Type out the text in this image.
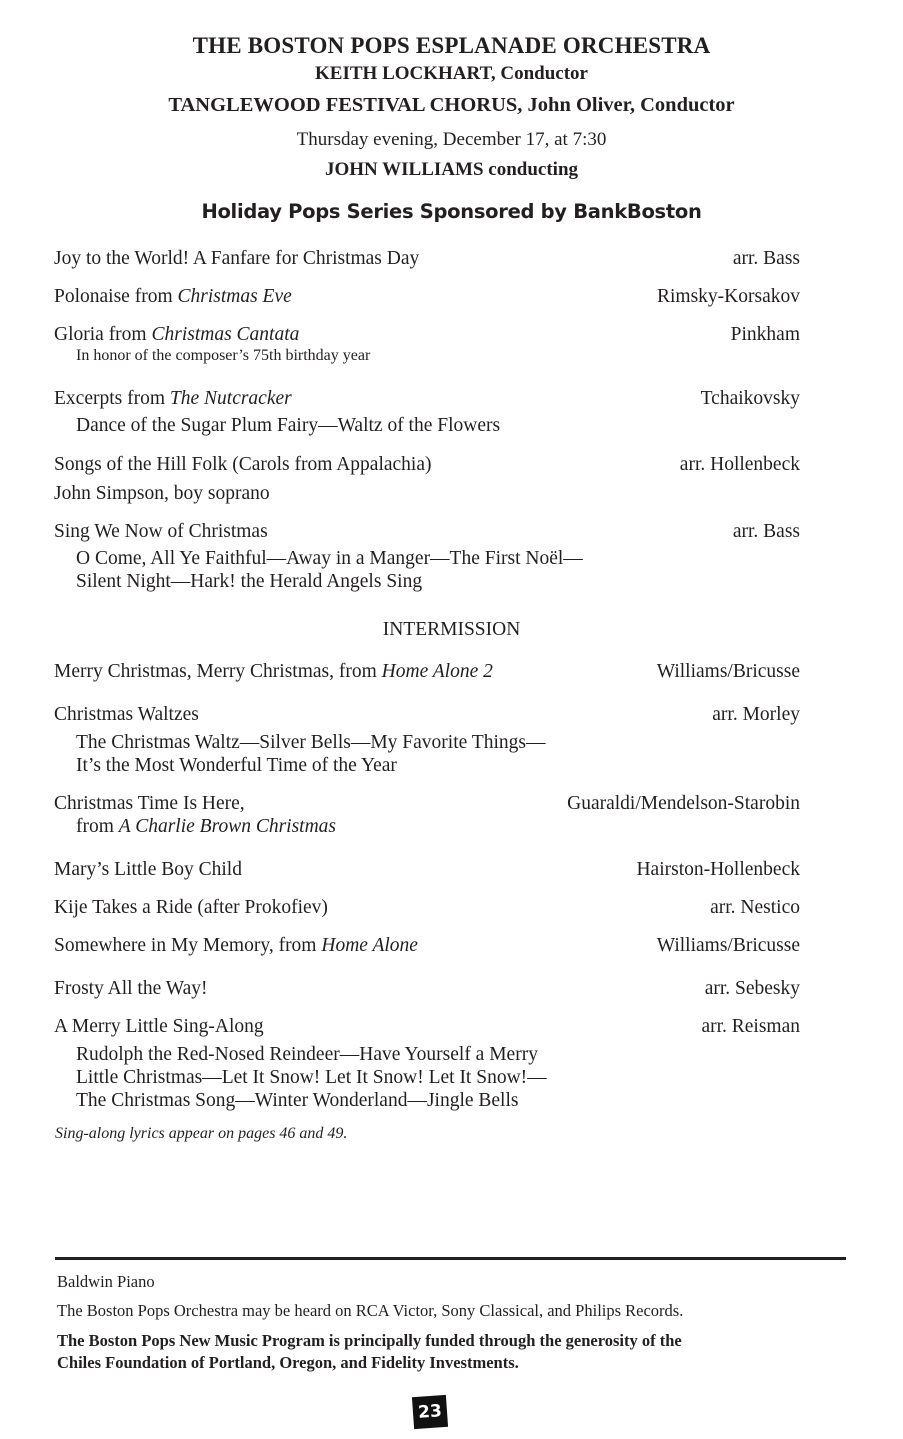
THE BOSTON POPS ESPLANADE ORCHESTRA
KEITH LOCKHART, Conductor
TANGLEWOOD FESTIVAL CHORUS, John Oliver, Conductor
Thursday evening, December 17, at 7:30
JOHN WILLIAMS conducting
Holiday Pops Series Sponsored by BankBoston
Joy to the World! A Fanfare for Christmas Day	arr. Bass
Polonaise from Christmas Eve	Rimsky-Korsakov
Gloria from Christmas Cantata	Pinkham
In honor of the composer’s 75th birthday year
Excerpts from The Nutcracker	Tchaikovsky
Dance of the Sugar Plum Fairy—Waltz of the Flowers
Songs of the Hill Folk (Carols from Appalachia)	arr. Hollenbeck
John Simpson, boy soprano
Sing We Now of Christmas	arr. Bass
O Come, All Ye Faithful—Away in a Manger—The First Noël—
Silent Night—Hark! the Herald Angels Sing
INTERMISSION
Merry Christmas, Merry Christmas, from Home Alone 2	Williams/Bricusse
Christmas Waltzes	arr. Morley
The Christmas Waltz—Silver Bells—My Favorite Things—
It’s the Most Wonderful Time of the Year
Christmas Time Is Here,	Guaraldi/Mendelson-Starobin
from A Charlie Brown Christmas
Mary’s Little Boy Child	Hairston-Hollenbeck
Kije Takes a Ride (after Prokofiev)	arr. Nestico
Somewhere in My Memory, from Home Alone	Williams/Bricusse
Frosty All the Way!	arr. Sebesky
A Merry Little Sing-Along	arr. Reisman
Rudolph the Red-Nosed Reindeer—Have Yourself a Merry
Little Christmas—Let It Snow! Let It Snow! Let It Snow!—
The Christmas Song—Winter Wonderland—Jingle Bells
Sing-along lyrics appear on pages 46 and 49.
Baldwin Piano
The Boston Pops Orchestra may be heard on RCA Victor, Sony Classical, and Philips Records.
The Boston Pops New Music Program is principally funded through the generosity of the
Chiles Foundation of Portland, Oregon, and Fidelity Investments.
23
